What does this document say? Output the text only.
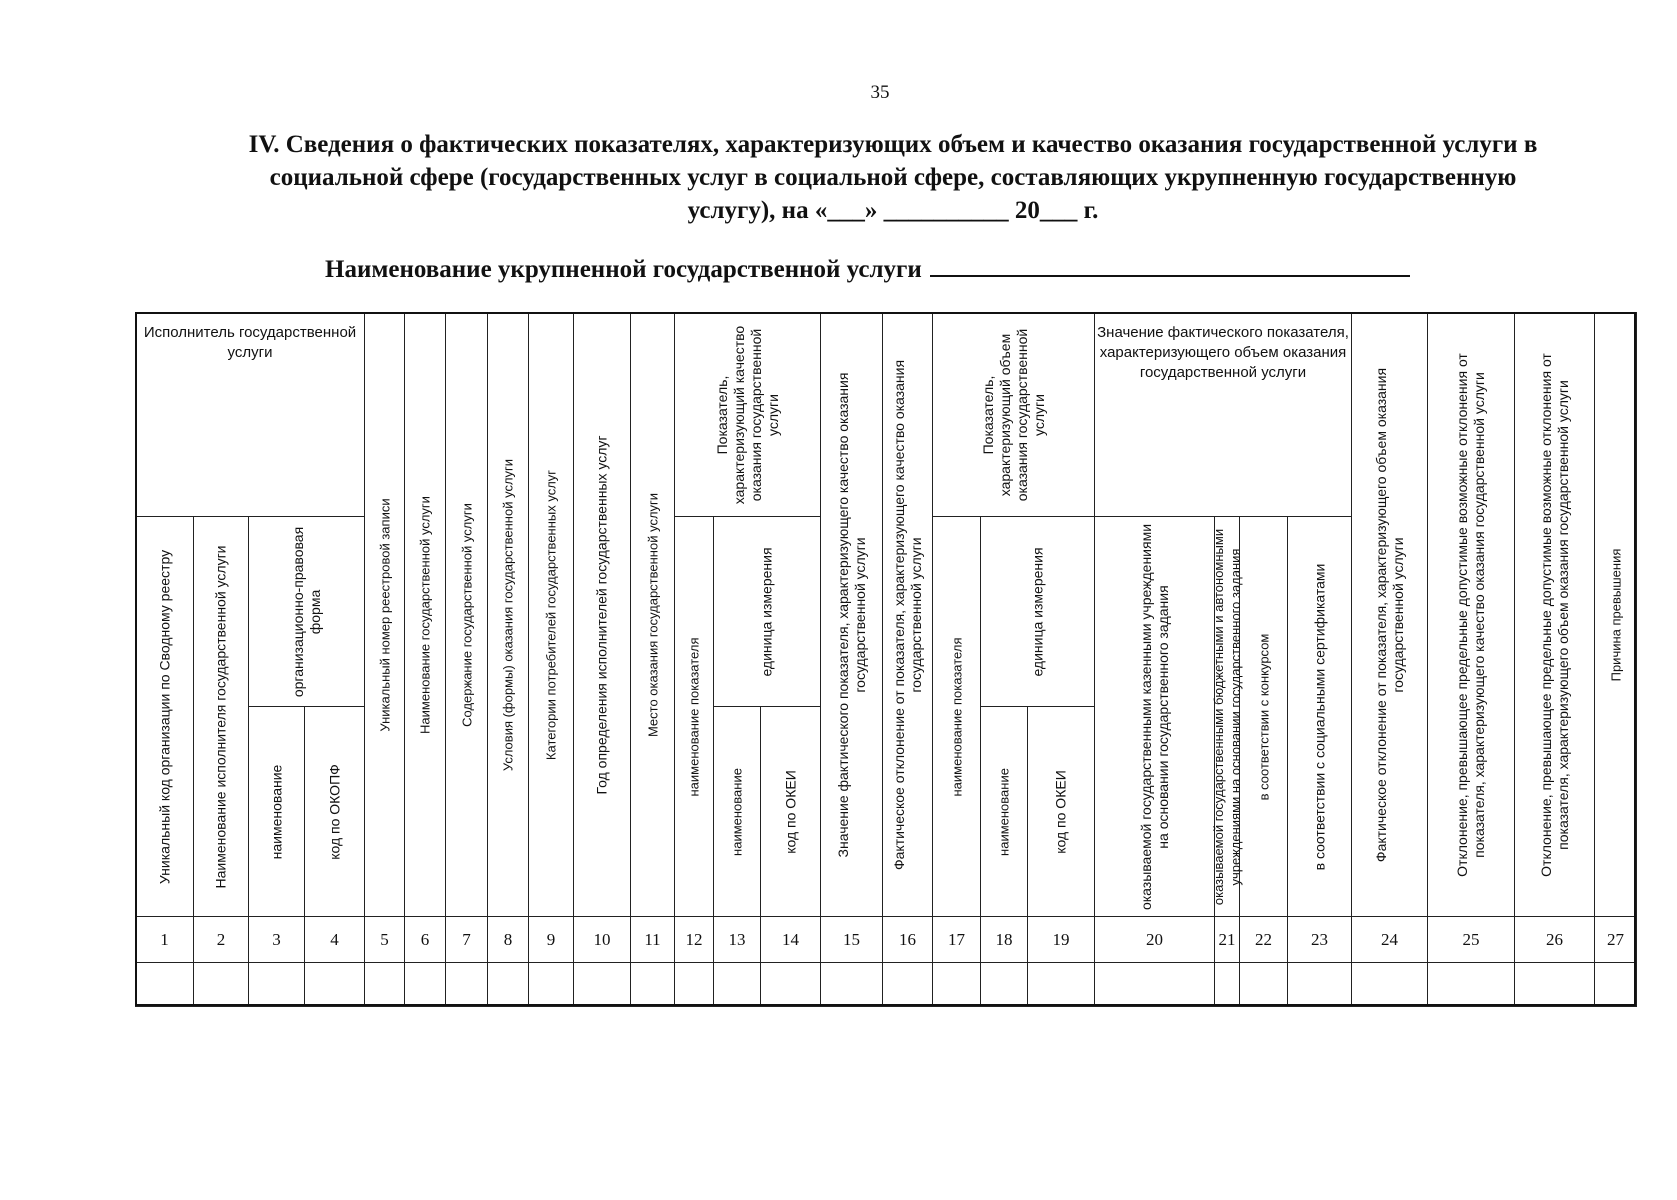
35
IV. Сведения о фактических показателях, характеризующих объем и качество оказания государственной услуги в социальной сфере (государственных услуг в социальной сфере, составляющих укрупненную государственную услугу), на «___» __________ 20___ г.
Наименование укрупненной государственной услуги
Исполнитель государственной услуги
организационно-правовая форма
Показатель, характеризующий качество оказания государственной услуги
единица измерения
Показатель, характеризующий объем оказания государственной услуги
единица измерения
Значение фактического показателя, характеризующего объем оказания государственной услуги
Уникальный код организации по Сводному реестру
1
Наименование исполнителя государственной услуги
2
наименование
3
код по ОКОПФ
4
Уникальный номер реестровой записи
5
Наименование государственной услуги
6
Содержание государственной услуги
7
Условия (формы) оказания государственной услуги
8
Категории потребителей государственных услуг
9
Год определения исполнителей государственных услуг
10
Место оказания государственной услуги
11
наименование показателя
12
наименование
13
код по ОКЕИ
14
Значение фактического показателя, характеризующего качество оказания государственной услуги
15
Фактическое отклонение от показателя, характеризующего качество оказания государственной услуги
16
наименование показателя
17
наименование
18
код по ОКЕИ
19
оказываемой государственными казенными учреждениями на основании государственного задания
20
оказываемой государственными бюджетными и автономными учреждениями на основании государственного задания
21
в соответствии с конкурсом
22
в соответствии с социальными сертификатами
23
Фактическое отклонение от показателя, характеризующего объем оказания государственной услуги
24
Отклонение, превышающее предельные допустимые возможные отклонения от показателя, характеризующего качество оказания государственной услуги
25
Отклонение, превышающее предельные допустимые возможные отклонения от показателя, характеризующего объем оказания государственной услуги
26
Причина превышения
27
